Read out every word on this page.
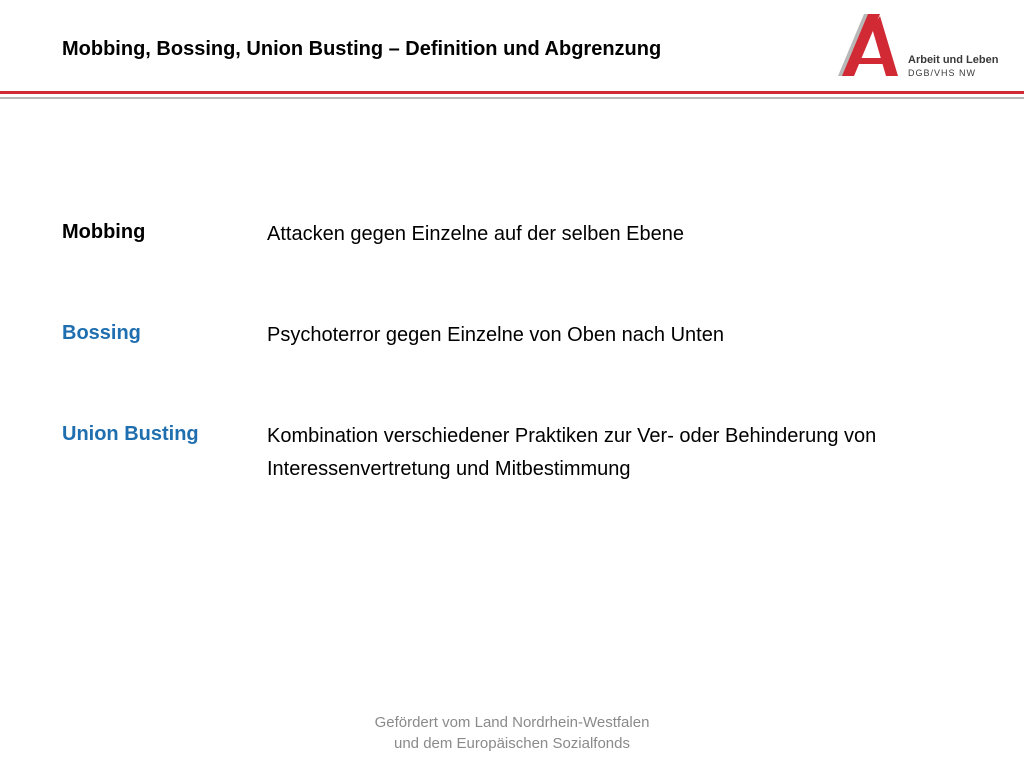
Mobbing, Bossing, Union Busting – Definition und Abgrenzung	Arbeit und Leben
DGB/VHS NW
Mobbing	Attacken gegen Einzelne auf der selben Ebene
Bossing	Psychoterror gegen Einzelne von Oben nach Unten
Union Busting	Kombination verschiedener Praktiken zur Ver- oder Behinderung von
Interessenvertretung und Mitbestimmung
Gefördert vom Land Nordrhein-Westfalen
und dem Europäischen Sozialfonds
